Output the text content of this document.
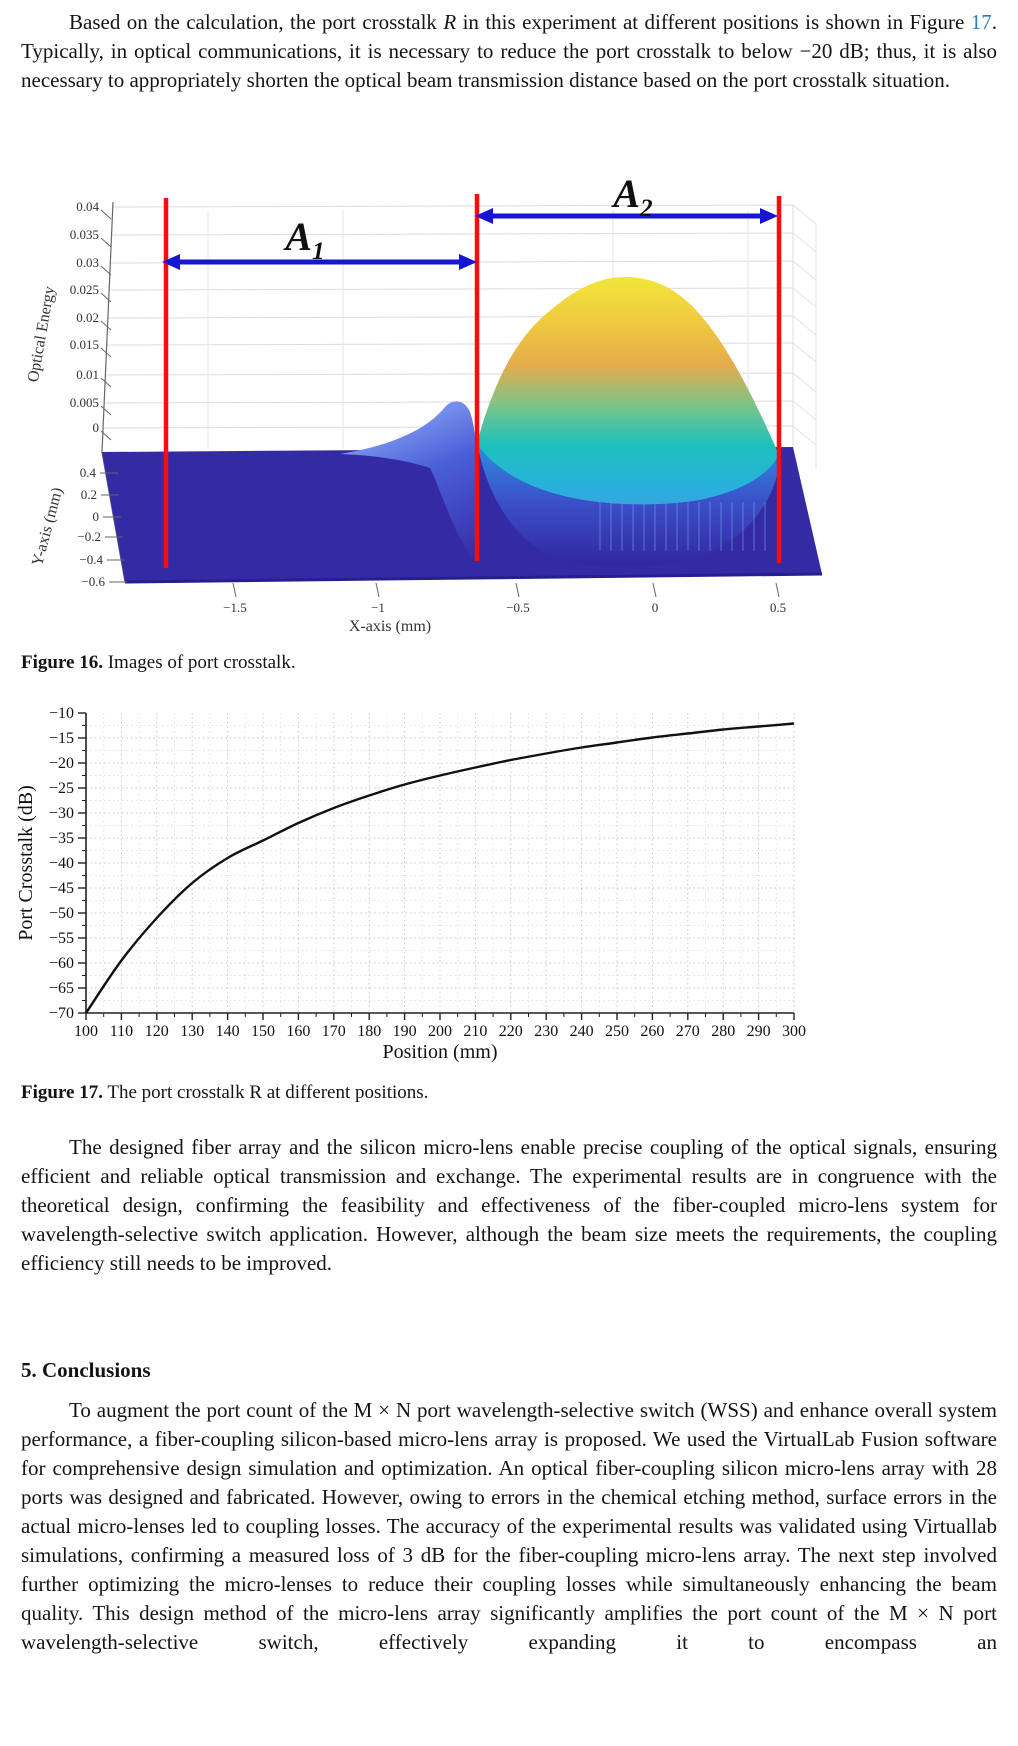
Based on the calculation, the port crosstalk R in this experiment at different positions is shown in Figure 17. Typically, in optical communications, it is necessary to reduce the port crosstalk to below −20 dB; thus, it is also necessary to appropriately shorten the optical beam transmission distance based on the port crosstalk situation.
$A_1$
$A_2$
Optical Energy
Y-axis (mm)
X-axis (mm)
0.04
0.035
0.03
0.025
0.02
0.015
0.01
0.005
0
0.4
0.2
0
−0.2
−0.4
−0.6
−1.5	−1	−0.5	0	0.5
Figure 16. Images of port crosstalk.
−10
−15
−20
−25
−30
−35
−40
−45
−50
−55
−60
−65
−70
100 110 120 130 140 150 160 170 180 190 200 210 220 230 240 250 260 270 280 290 300
Port Crosstalk (dB)
Position (mm)
Figure 17. The port crosstalk R at different positions.
The designed fiber array and the silicon micro-lens enable precise coupling of the optical signals, ensuring efficient and reliable optical transmission and exchange. The experimental results are in congruence with the theoretical design, confirming the feasibility and effectiveness of the fiber-coupled micro-lens system for wavelength-selective switch application. However, although the beam size meets the requirements, the coupling efficiency still needs to be improved.
5. Conclusions
To augment the port count of the M × N port wavelength-selective switch (WSS) and enhance overall system performance, a fiber-coupling silicon-based micro-lens array is proposed. We used the VirtualLab Fusion software for comprehensive design simulation and optimization. An optical fiber-coupling silicon micro-lens array with 28 ports was designed and fabricated. However, owing to errors in the chemical etching method, surface errors in the actual micro-lenses led to coupling losses. The accuracy of the experimental results was validated using Virtuallab simulations, confirming a measured loss of 3 dB for the fiber-coupling micro-lens array. The next step involved further optimizing the micro-lenses to reduce their coupling losses while simultaneously enhancing the beam quality. This design method of the micro-lens array significantly amplifies the port count of the M × N port wavelength-selective switch, effectively expanding it to encompass an
